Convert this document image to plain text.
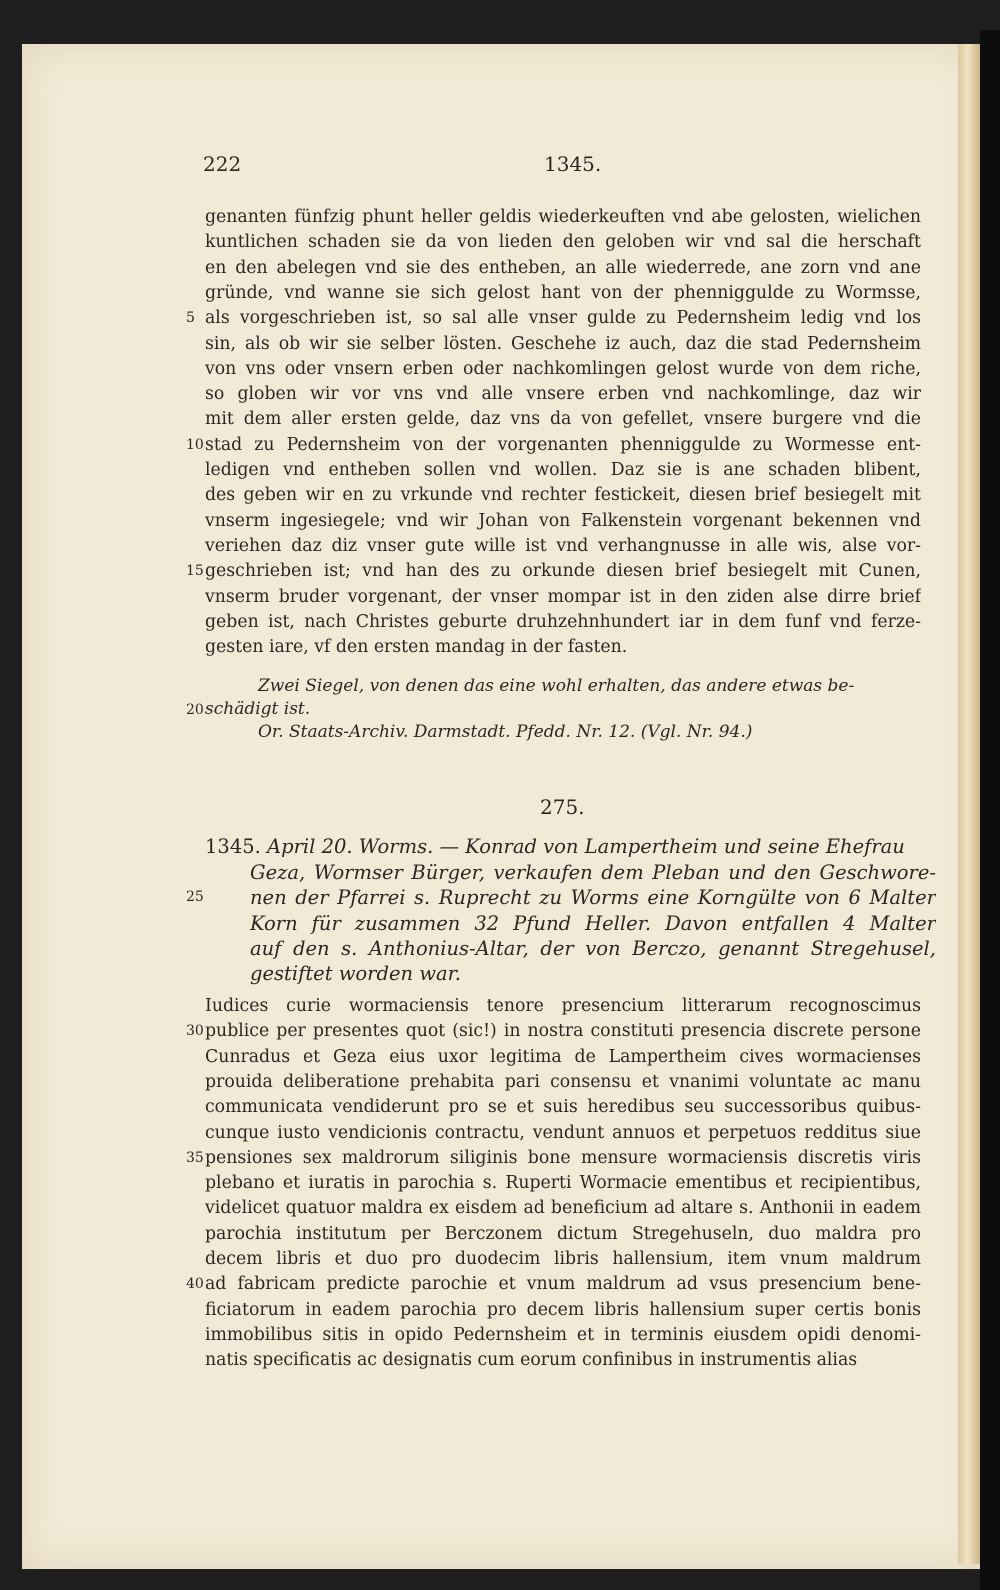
222	1345.
genanten fünfzig phunt heller geldis wiederkeuften vnd abe gelosten, wielichen
kuntlichen schaden sie da von lieden den geloben wir vnd sal die herschaft
en den abelegen vnd sie des entheben, an alle wiederrede, ane zorn vnd ane
gründe, vnd wanne sie sich gelost hant von der phenniggulde zu Wormsse,
als vorgeschrieben ist, so sal alle vnser gulde zu Pedernsheim ledig vnd los
5
sin, als ob wir sie selber lösten. Geschehe iz auch, daz die stad Pedernsheim
von vns oder vnsern erben oder nachkomlingen gelost wurde von dem riche,
so globen wir vor vns vnd alle vnsere erben vnd nachkomlinge, daz wir
mit dem aller ersten gelde, daz vns da von gefellet, vnsere burgere vnd die
stad zu Pedernsheim von der vorgenanten phenniggulde zu Wormesse ent-
10
ledigen vnd entheben sollen vnd wollen. Daz sie is ane schaden blibent,
des geben wir en zu vrkunde vnd rechter festickeit, diesen brief besiegelt mit
vnserm ingesiegele; vnd wir Johan von Falkenstein vorgenant bekennen vnd
veriehen daz diz vnser gute wille ist vnd verhangnusse in alle wis, alse vor-
geschrieben ist; vnd han des zu orkunde diesen brief besiegelt mit Cunen,
15
vnserm bruder vorgenant, der vnser mompar ist in den ziden alse dirre brief
geben ist, nach Christes geburte druhzehnhundert iar in dem funf vnd ferze-
gesten iare, vf den ersten mandag in der fasten.
Zwei Siegel, von denen das eine wohl erhalten, das andere etwas be-
20 schädigt ist.
Or. Staats-Archiv. Darmstadt. Pfedd. Nr. 12. (Vgl. Nr. 94.)
275.
1345. April 20. Worms. — Konrad von Lampertheim und seine Ehefrau
Geza, Wormser Bürger, verkaufen dem Pleban und den Geschwore-
nen der Pfarrei s. Ruprecht zu Worms eine Korngülte von 6 Malter
25
Korn für zusammen 32 Pfund Heller. Davon entfallen 4 Malter
auf den s. Anthonius-Altar, der von Berczo, genannt Stregehusel,
gestiftet worden war.
Iudices curie wormaciensis tenore presencium litterarum recognoscimus
publice per presentes quot (sic!) in nostra constituti presencia discrete persone
30
Cunradus et Geza eius uxor legitima de Lampertheim cives wormacienses
prouida deliberatione prehabita pari consensu et vnanimi voluntate ac manu
communicata vendiderunt pro se et suis heredibus seu successoribus quibus-
cunque iusto vendicionis contractu, vendunt annuos et perpetuos redditus siue
pensiones sex maldrorum siliginis bone mensure wormaciensis discretis viris
35
plebano et iuratis in parochia s. Ruperti Wormacie ementibus et recipientibus,
videlicet quatuor maldra ex eisdem ad beneficium ad altare s. Anthonii in eadem
parochia institutum per Berczonem dictum Stregehuseln, duo maldra pro
decem libris et duo pro duodecim libris hallensium, item vnum maldrum
ad fabricam predicte parochie et vnum maldrum ad vsus presencium bene-
40
ficiatorum in eadem parochia pro decem libris hallensium super certis bonis
immobilibus sitis in opido Pedernsheim et in terminis eiusdem opidi denomi-
natis specificatis ac designatis cum eorum confinibus in instrumentis alias
